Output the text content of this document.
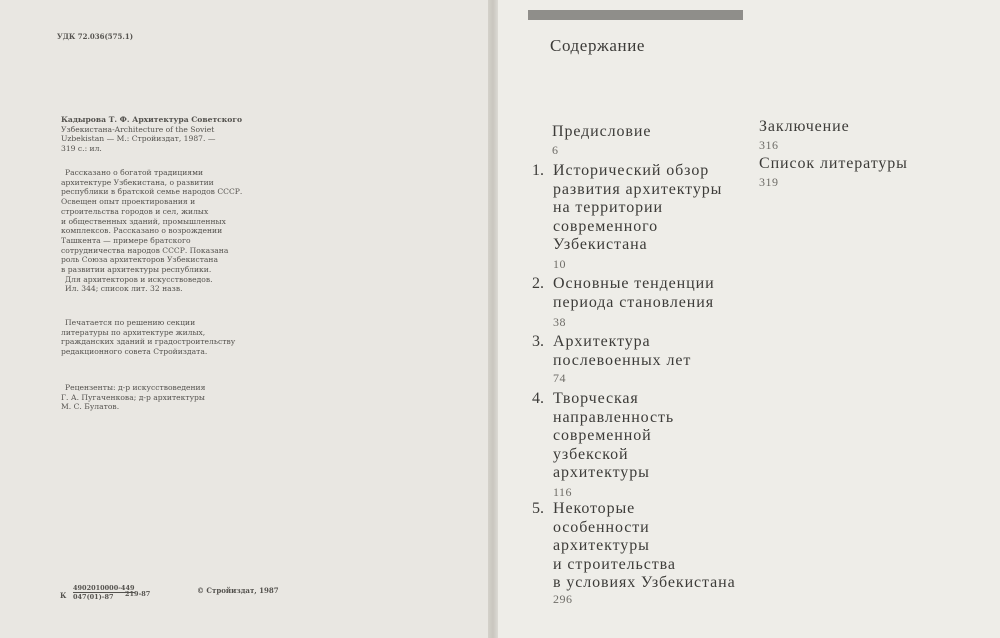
УДК 72.036(575.1)
Кадырова Т. Ф. Архитектура Советского
Узбекистана-Architecture of the Soviet
Uzbekistan — М.: Стройиздат, 1987. —
319 с.: ил.
Рассказано о богатой традициями
архитектуре Узбекистана, о развитии
республики в братской семье народов СССР.
Освещен опыт проектирования и
строительства городов и сел, жилых
и общественных зданий, промышленных
комплексов. Рассказано о возрождении
Ташкента — примере братского
сотрудничества народов СССР. Показана
роль Союза архитекторов Узбекистана
в развитии архитектуры республики.
Для архитекторов и искусствоведов.
Ил. 344; список лит. 32 назв.
Печатается по решению секции
литературы по архитектуре жилых,
гражданских зданий и градостроительству
редакционного совета Стройиздата.
Рецензенты: д-р искусствоведения
Г. А. Пугаченкова; д-р архитектуры
М. С. Булатов.
К $\frac{4902010000-449}{047(01)-87}$
219-87	© Стройиздат, 1987
Содержание
Предисловие
6
1. Исторический обзор
развития архитектуры
на территории
современного
Узбекистана
10
2. Основные тенденции
периода становления
38
3. Архитектура
послевоенных лет
74
4. Творческая
направленность
современной
узбекской
архитектуры
116
5. Некоторые
особенности
архитектуры
и строительства
в условиях Узбекистана
296
Заключение
316
Список литературы
319
